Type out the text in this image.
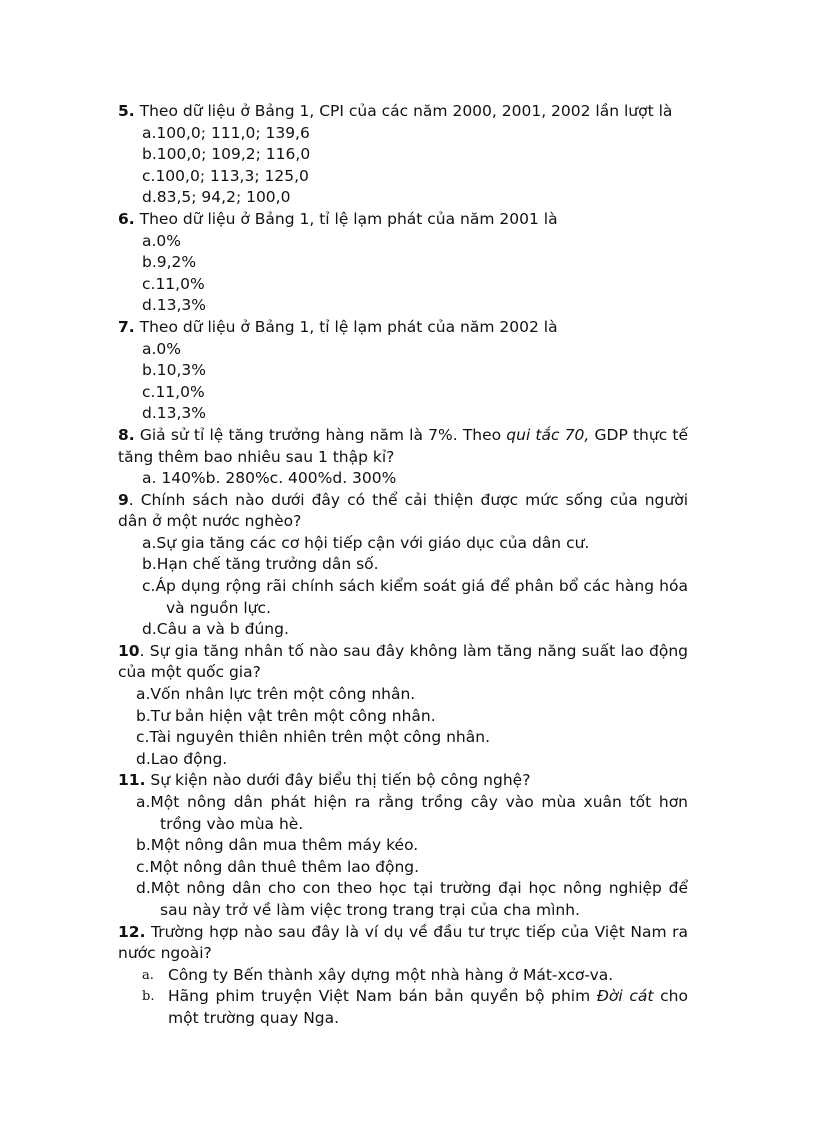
5. Theo dữ liệu ở Bảng 1, CPI của các năm 2000, 2001, 2002 lần lượt là

a.100,0; 111,0; 139,6

b.100,0; 109,2; 116,0

c.100,0; 113,3; 125,0

d.83,5; 94,2; 100,0

6. Theo dữ liệu ở Bảng 1, tỉ lệ lạm phát của năm 2001 là

a.0%

b.9,2%

c.11,0%

d.13,3%

7. Theo dữ liệu ở Bảng 1, tỉ lệ lạm phát của năm 2002 là

a.0%

b.10,3%

c.11,0%

d.13,3%

8. Giả sử tỉ lệ tăng trưởng hàng năm là 7%. Theo qui tắc 70, GDP thực tế tăng thêm bao nhiêu sau 1 thập kỉ?

a. 140%b. 280%c. 400%d. 300%

9. Chính sách nào dưới đây có thể cải thiện được mức sống của người dân ở một nước nghèo?

a.Sự gia tăng các cơ hội tiếp cận với giáo dục của dân cư.

b.Hạn chế tăng trưởng dân số.

c.Áp dụng rộng rãi chính sách kiểm soát giá để phân bổ các hàng hóa và nguồn lực.

d.Câu a và b đúng.

10. Sự gia tăng nhân tố nào sau đây không làm tăng năng suất lao động của một quốc gia?

a.Vốn nhân lực trên một công nhân.

b.Tư bản hiện vật trên một công nhân.

c.Tài nguyên thiên nhiên trên một công nhân.

d.Lao động.

11. Sự kiện nào dưới đây biểu thị tiến bộ công nghệ?

a.Một nông dân phát hiện ra rằng trồng cây vào mùa xuân tốt hơn trồng vào mùa hè.

b.Một nông dân mua thêm máy kéo.

c.Một nông dân thuê thêm lao động.

d.Một nông dân cho con theo học tại trường đại học nông nghiệp để sau này trở về làm việc trong trang trại của cha mình.

12. Trường hợp nào sau đây là ví dụ về đầu tư trực tiếp của Việt Nam ra nước ngoài?

a. Công ty Bến thành xây dựng một nhà hàng ở Mát-xcơ-va.
b. Hãng phim truyện Việt Nam bán bản quyền bộ phim Đời cát cho một trường quay Nga.
